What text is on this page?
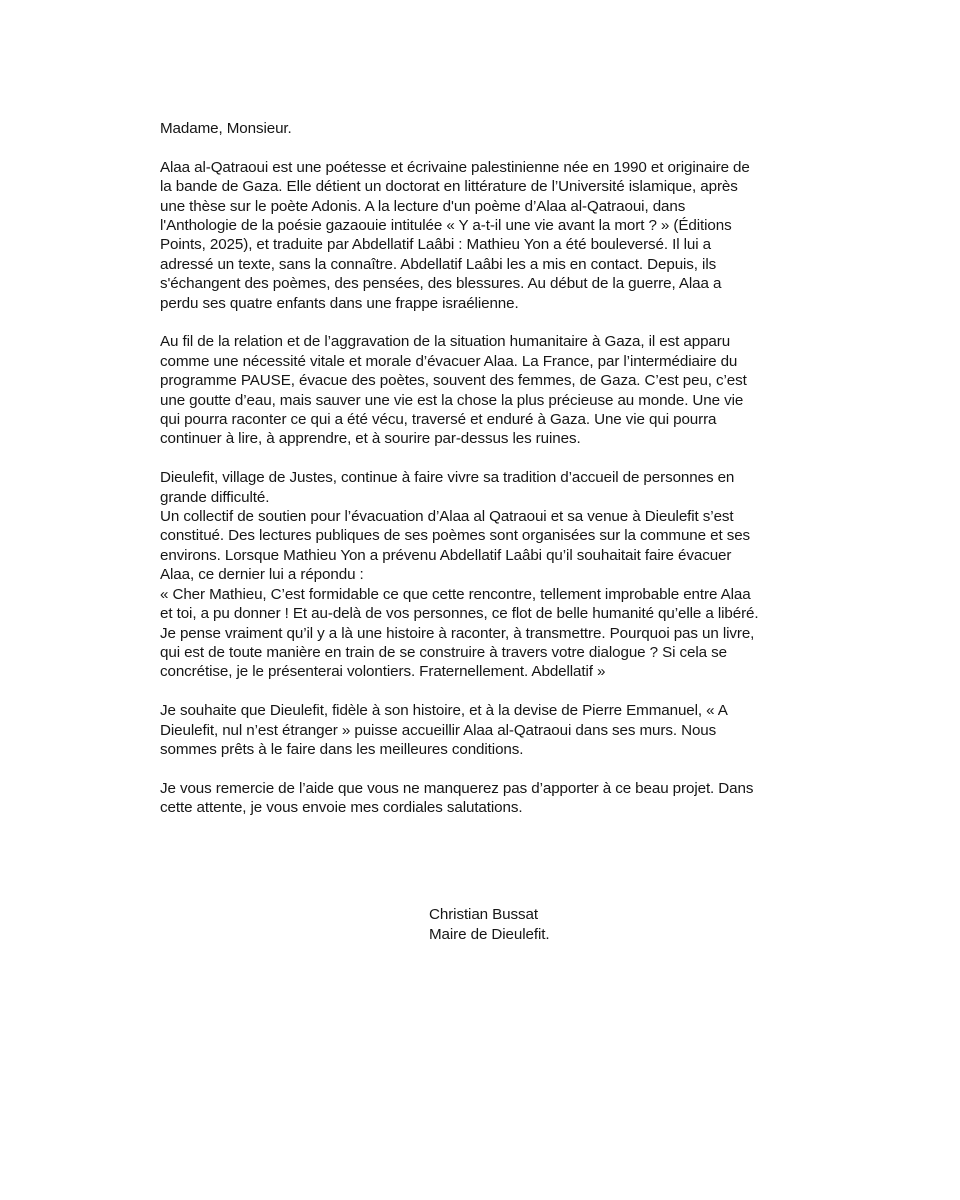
Madame, Monsieur.

Alaa al-Qatraoui est une poétesse et écrivaine palestinienne née en 1990 et originaire de
la bande de Gaza. Elle détient un doctorat en littérature de l’Université islamique, après
une thèse sur le poète Adonis. A la lecture d'un poème d’Alaa al-Qatraoui, dans
l'Anthologie de la poésie gazaouie intitulée « Y a-t-il une vie avant la mort ? » (Éditions
Points, 2025), et traduite par Abdellatif Laâbi : Mathieu Yon a été bouleversé. Il lui a
adressé un texte, sans la connaître. Abdellatif Laâbi les a mis en contact. Depuis, ils
s'échangent des poèmes, des pensées, des blessures. Au début de la guerre, Alaa a
perdu ses quatre enfants dans une frappe israélienne.

Au fil de la relation et de l’aggravation de la situation humanitaire à Gaza, il est apparu
comme une nécessité vitale et morale d’évacuer Alaa. La France, par l’intermédiaire du
programme PAUSE, évacue des poètes, souvent des femmes, de Gaza. C’est peu, c’est
une goutte d’eau, mais sauver une vie est la chose la plus précieuse au monde. Une vie
qui pourra raconter ce qui a été vécu, traversé et enduré à Gaza. Une vie qui pourra
continuer à lire, à apprendre, et à sourire par-dessus les ruines.

Dieulefit, village de Justes, continue à faire vivre sa tradition d’accueil de personnes en
grande difficulté.
Un collectif de soutien pour l’évacuation d’Alaa al Qatraoui et sa venue à Dieulefit s’est
constitué. Des lectures publiques de ses poèmes sont organisées sur la commune et ses
environs. Lorsque Mathieu Yon a prévenu Abdellatif Laâbi qu’il souhaitait faire évacuer
Alaa, ce dernier lui a répondu :
« Cher Mathieu, C’est formidable ce que cette rencontre, tellement improbable entre Alaa
et toi, a pu donner ! Et au-delà de vos personnes, ce flot de belle humanité qu’elle a libéré.
Je pense vraiment qu’il y a là une histoire à raconter, à transmettre. Pourquoi pas un livre,
qui est de toute manière en train de se construire à travers votre dialogue ? Si cela se
concrétise, je le présenterai volontiers. Fraternellement. Abdellatif »

Je souhaite que Dieulefit, fidèle à son histoire, et à la devise de Pierre Emmanuel, « A
Dieulefit, nul n’est étranger » puisse accueillir Alaa al-Qatraoui dans ses murs. Nous
sommes prêts à le faire dans les meilleures conditions.

Je vous remercie de l’aide que vous ne manquerez pas d’apporter à ce beau projet. Dans
cette attente, je vous envoie mes cordiales salutations.

Christian Bussat
Maire de Dieulefit.
